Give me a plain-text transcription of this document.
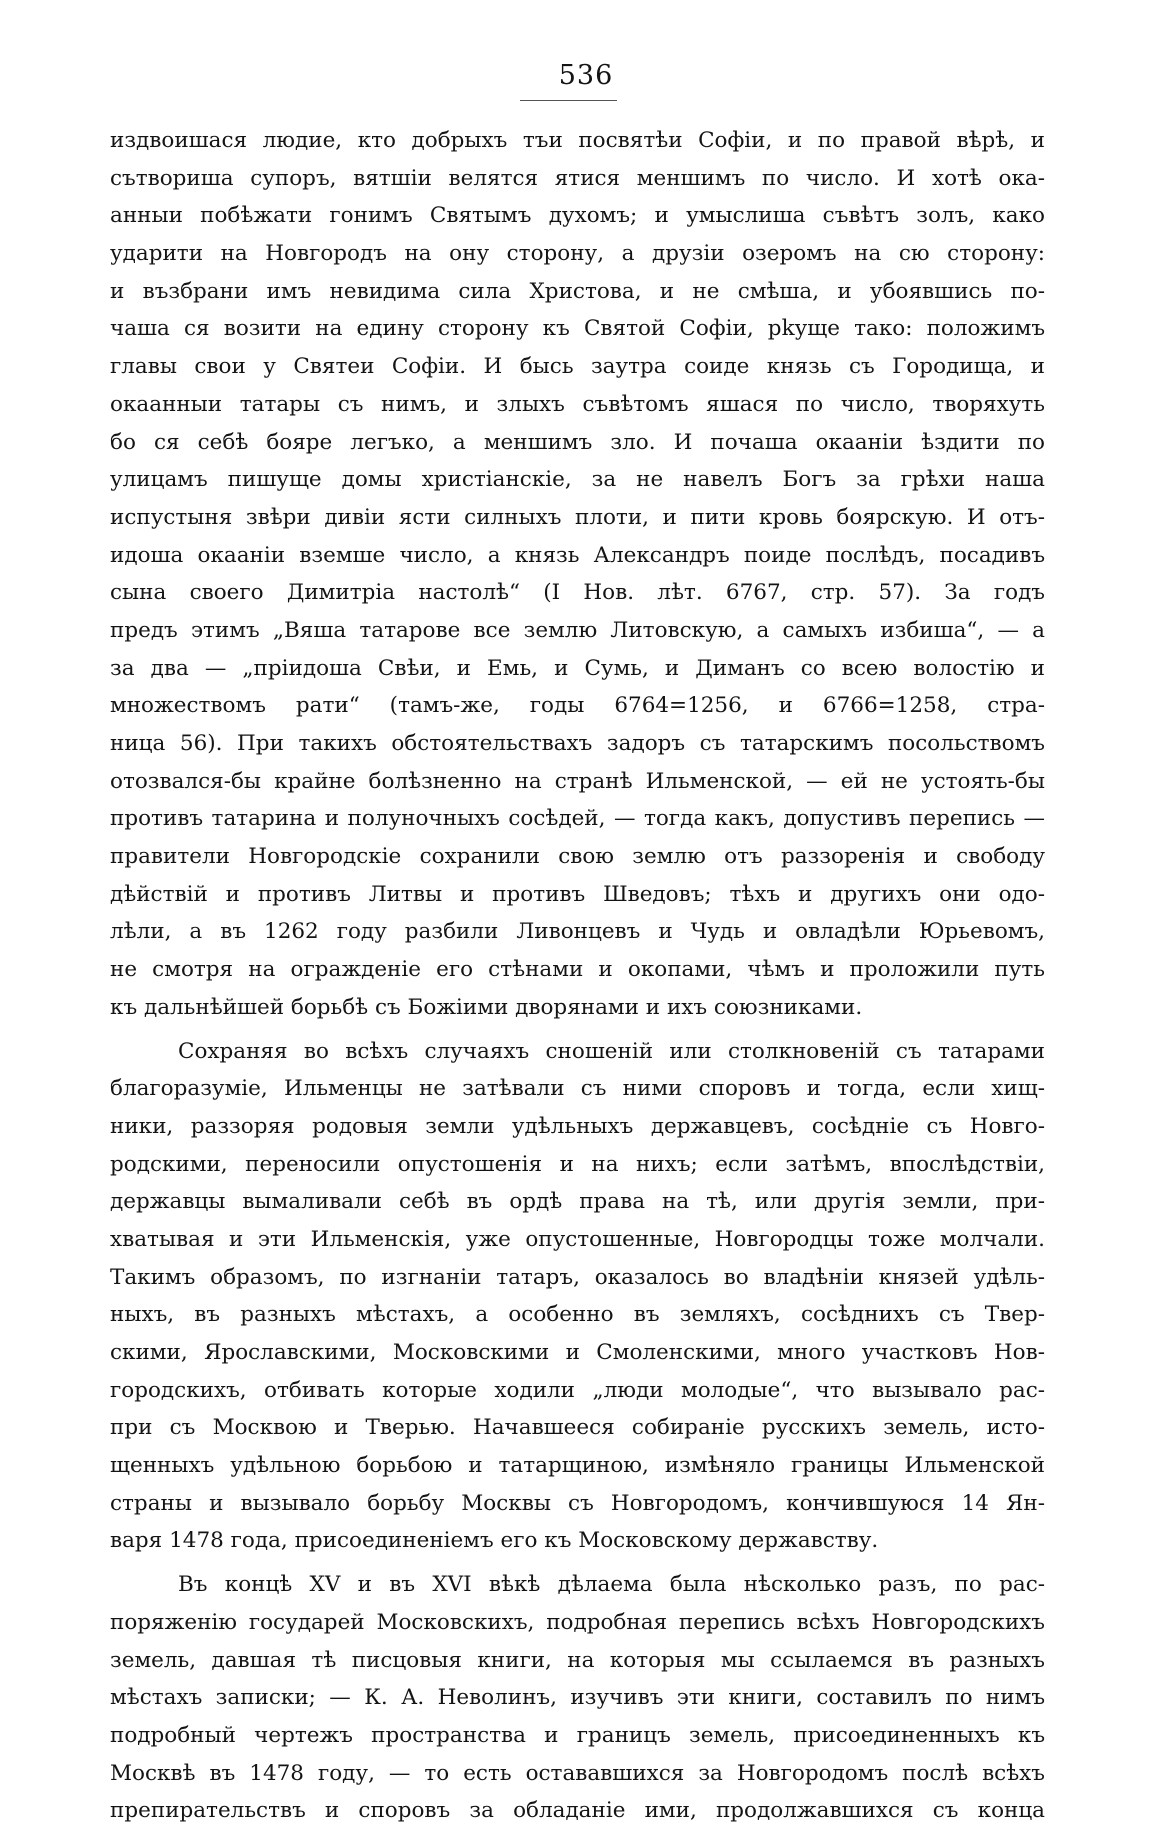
536
издвоишася людие, кто добрыхъ тъи посвятѣи Софіи, и по правой вѣрѣ, и
сътвориша супоръ, вятшіи велятся ятися меншимъ по число. И хотѣ ока-
анныи побѣжати гонимъ Святымъ духомъ; и умыслиша съвѣтъ золъ, како
ударити на Новгородъ на ону сторону, а друзіи озеромъ на сю сторону:
и възбрани имъ невидима сила Христова, и не смѣша, и убоявшись по-
чаша ся возити на едину сторону къ Святой Софіи, рkуще тако: положимъ
главы свои у Святеи Софіи. И бысь заутра соиде князь съ Городища, и
окаанныи татары съ нимъ, и злыхъ съвѣтомъ яшася по число, творяхуть
бо ся себѣ бояре легъко, а меншимъ зло. И почаша окааніи ѣздити по
улицамъ пишуще домы христіанскіе, за не навелъ Богъ за грѣхи наша
испустыня звѣри дивіи ясти силныхъ плоти, и пити кровь боярскую. И отъ-
идоша окааніи вземше число, а князь Александръ поиде послѣдъ, посадивъ
сына своего Димитріа настолѣ“ (I Нов. лѣт. 6767, стр. 57). За годъ
предъ этимъ „Вяша татарове все землю Литовскую, а самыхъ избиша“, — а
за два — „пріидоша Свѣи, и Емь, и Сумь, и Диманъ со всею волостію и
множествомъ рати“ (тамъ-же, годы 6764=1256, и 6766=1258, стра-
ница 56). При такихъ обстоятельствахъ задоръ съ татарскимъ посольствомъ
отозвался-бы крайне болѣзненно на странѣ Ильменской, — ей не устоять-бы
противъ татарина и полуночныхъ сосѣдей, — тогда какъ, допустивъ перепись —
правители Новгородскіе сохранили свою землю отъ раззоренія и свободу
дѣйствій и противъ Литвы и противъ Шведовъ; тѣхъ и другихъ они одо-
лѣли, а въ 1262 году разбили Ливонцевъ и Чудь и овладѣли Юрьевомъ,
не смотря на огражденіе его стѣнами и окопами, чѣмъ и проложили путь
къ дальнѣйшей борьбѣ съ Божіими дворянами и ихъ союзниками.
Сохраняя во всѣхъ случаяхъ сношеній или столкновеній съ татарами
благоразуміе, Ильменцы не затѣвали съ ними споровъ и тогда, если хищ-
ники, раззоряя родовыя земли удѣльныхъ державцевъ, сосѣдніе съ Новго-
родскими, переносили опустошенія и на нихъ; если затѣмъ, впослѣдствіи,
державцы вымаливали себѣ въ ордѣ права на тѣ, или другія земли, при-
хватывая и эти Ильменскія, уже опустошенные, Новгородцы тоже молчали.
Такимъ образомъ, по изгнаніи татаръ, оказалось во владѣніи князей удѣль-
ныхъ, въ разныхъ мѣстахъ, а особенно въ земляхъ, сосѣднихъ съ Твер-
скими, Ярославскими, Московскими и Смоленскими, много участковъ Нов-
городскихъ, отбивать которые ходили „люди молодые“, что вызывало рас-
при съ Москвою и Тверью. Начавшееся собираніе русскихъ земель, исто-
щенныхъ удѣльною борьбою и татарщиною, измѣняло границы Ильменской
страны и вызывало борьбу Москвы съ Новгородомъ, кончившуюся 14 Ян-
варя 1478 года, присоединеніемъ его къ Московскому державству.
Въ концѣ XV и въ XVI вѣкѣ дѣлаема была нѣсколько разъ, по рас-
поряженію государей Московскихъ, подробная перепись всѣхъ Новгородскихъ
земель, давшая тѣ писцовыя книги, на которыя мы ссылаемся въ разныхъ
мѣстахъ записки; — К. А. Неволинъ, изучивъ эти книги, составилъ по нимъ
подробный чертежъ пространства и границъ земель, присоединенныхъ къ
Москвѣ въ 1478 году, — то есть остававшихся за Новгородомъ послѣ всѣхъ
препирательствъ и споровъ за обладаніе ими, продолжавшихся съ конца
